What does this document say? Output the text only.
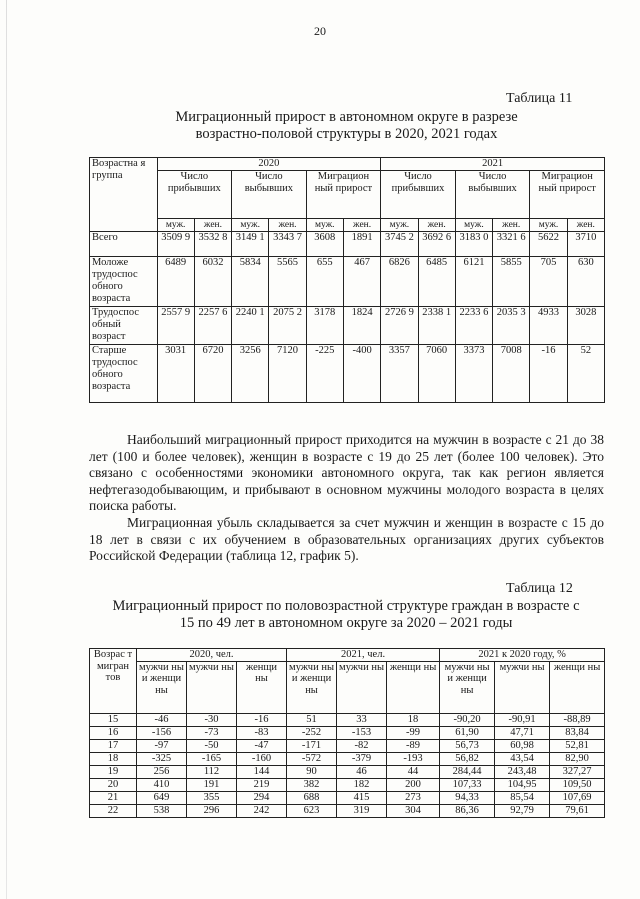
20
Таблица 11
Миграционный прирост в автономном округе в разрезе
возрастно-половой структуры в 2020, 2021 годах
Возрастна я группа	2020						2021					
	Число прибывших		Число выбывших		Миграцион ный прирост		Число прибывших		Число выбывших		Миграцион ный прирост	
	муж.	жен.	муж.	жен.	муж.	жен.	муж.	жен.	муж.	жен.	муж.	жен.
Всего	3509 9	3532 8	3149 1	3343 7	3608	1891	3745 2	3692 6	3183 0	3321 6	5622	3710
Моложе трудоспос обного возраста	6489	6032	5834	5565	655	467	6826	6485	6121	5855	705	630
Трудоспос обный возраст	2557 9	2257 6	2240 1	2075 2	3178	1824	2726 9	2338 1	2233 6	2035 3	4933	3028
Старше трудоспос обного возраста	3031	6720	3256	7120	-225	-400	3357	7060	3373	7008	-16	52
Наибольший миграционный прирост приходится на мужчин в возрасте с 21 до 38 лет (100 и более человек), женщин в возрасте с 19 до 25 лет (более 100 человек). Это связано с особенностями экономики автономного округа, так как регион является нефтегазодобывающим, и прибывают в основном мужчины молодого возраста в целях поиска работы.
Миграционная убыль складывается за счет мужчин и женщин в возрасте с 15 до 18 лет в связи с их обучением в образовательных организациях других субъектов Российской Федерации (таблица 12, график 5).
Таблица 12
Миграционный прирост по половозрастной структуре граждан в возрасте с
15 по 49 лет в автономном округе за 2020 – 2021 годы
Возрас т мигран тов	2020, чел.			2021, чел.			2021 к 2020 году, %		
	мужчи ны и женщи ны	мужчи ны	женщи ны	мужчи ны и женщи ны	мужчи ны	женщи ны	мужчи ны и женщи ны	мужчи ны	женщи ны
15	-46	-30	-16	51	33	18	-90,20	-90,91	-88,89
16	-156	-73	-83	-252	-153	-99	61,90	47,71	83,84
17	-97	-50	-47	-171	-82	-89	56,73	60,98	52,81
18	-325	-165	-160	-572	-379	-193	56,82	43,54	82,90
19	256	112	144	90	46	44	284,44	243,48	327,27
20	410	191	219	382	182	200	107,33	104,95	109,50
21	649	355	294	688	415	273	94,33	85,54	107,69
22	538	296	242	623	319	304	86,36	92,79	79,61
